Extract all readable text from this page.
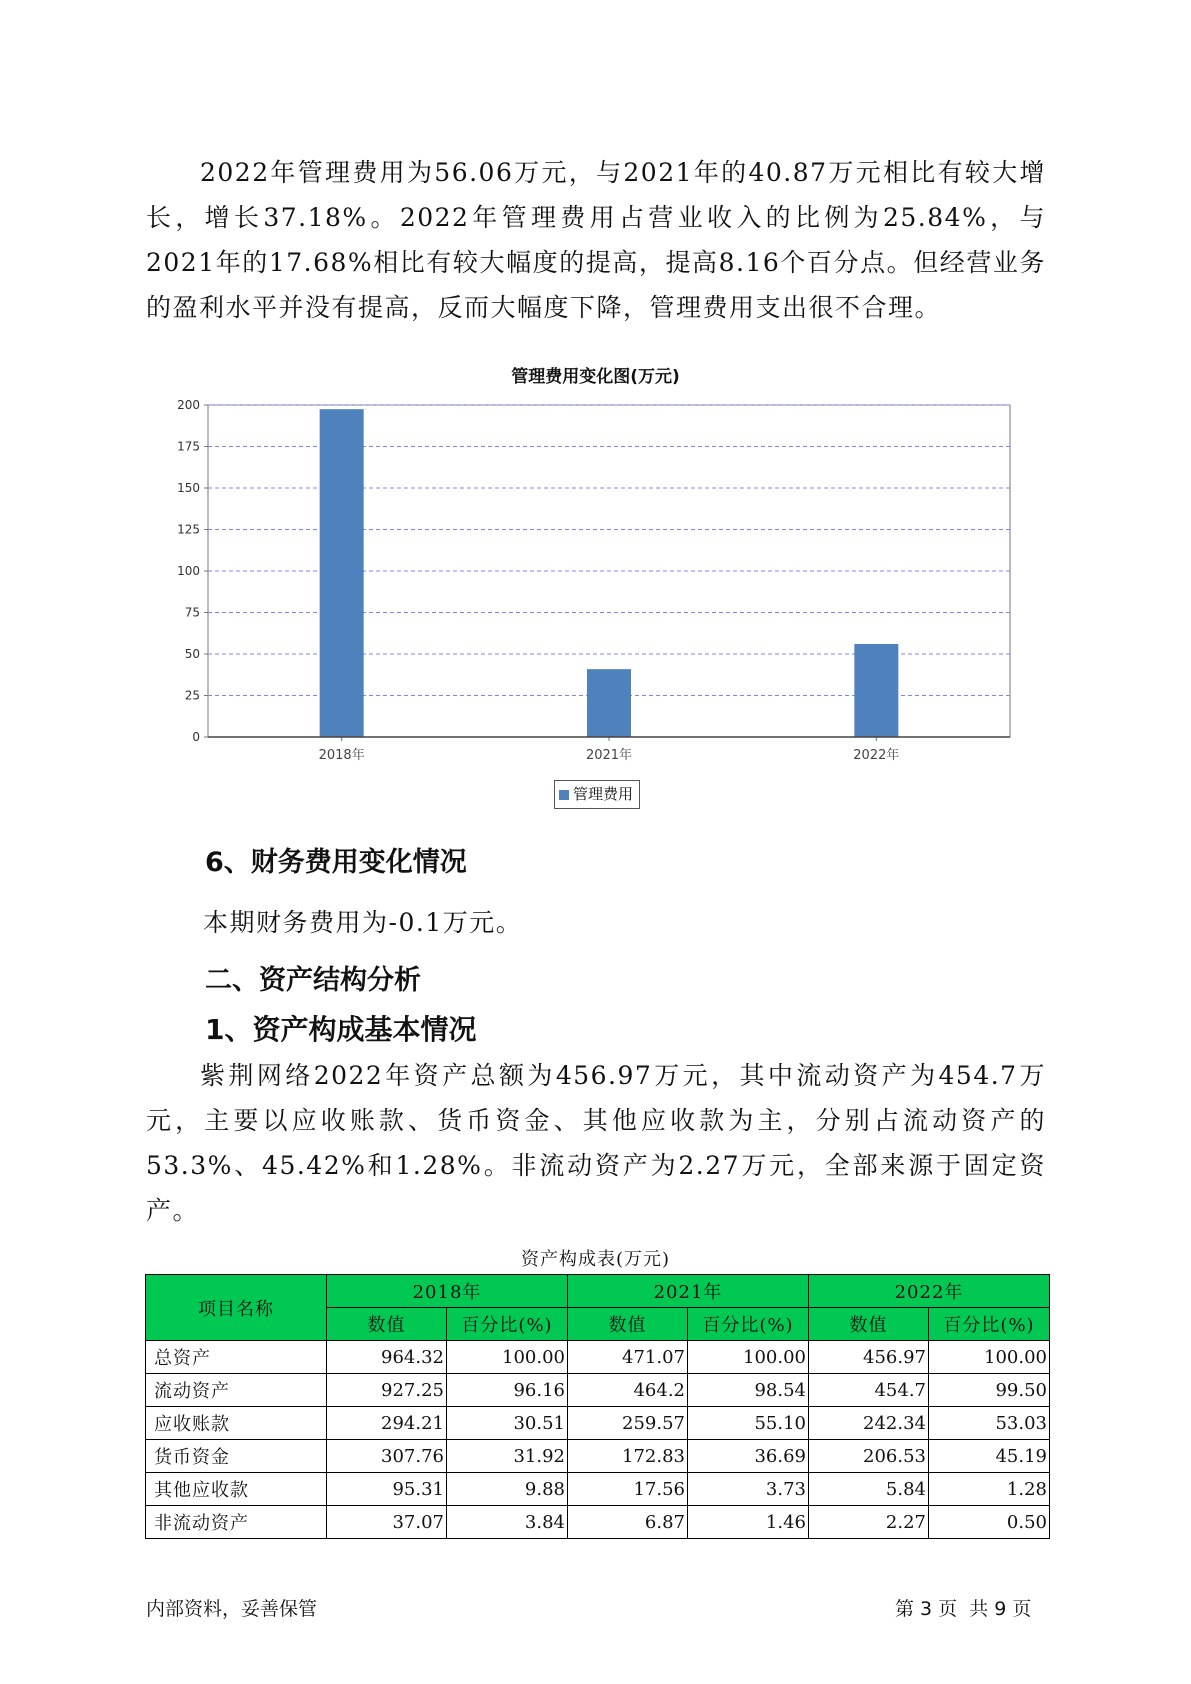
2022年管理费用为56.06万元，与2021年的40.87万元相比有较大增长，增长37.18%。2022年管理费用占营业收入的比例为25.84%，与2021年的17.68%相比有较大幅度的提高，提高8.16个百分点。但经营业务的盈利水平并没有提高，反而大幅度下降，管理费用支出很不合理。

管理费用变化图(万元)
0
25
50
75
100
125
150
175
200
2018年	2021年	2022年
管理费用
6、财务费用变化情况

本期财务费用为-0.1万元。

二、资产结构分析
1、资产构成基本情况

紫荆网络2022年资产总额为456.97万元，其中流动资产为454.7万元，主要以应收账款、货币资金、其他应收款为主，分别占流动资产的53.3%、45.42%和1.28%。非流动资产为2.27万元，全部来源于固定资产。

资产构成表(万元)
项目名称	2018年		2021年		2022年	
	数值	百分比(%)	数值	百分比(%)	数值	百分比(%)
总资产	964.32	100.00	471.07	100.00	456.97	100.00
流动资产	927.25	96.16	464.2	98.54	454.7	99.50
应收账款	294.21	30.51	259.57	55.10	242.34	53.03
货币资金	307.76	31.92	172.83	36.69	206.53	45.19
其他应收款	95.31	9.88	17.56	3.73	5.84	1.28
非流动资产	37.07	3.84	6.87	1.46	2.27	0.50
内部资料，妥善保管	第 3 页  共 9 页
